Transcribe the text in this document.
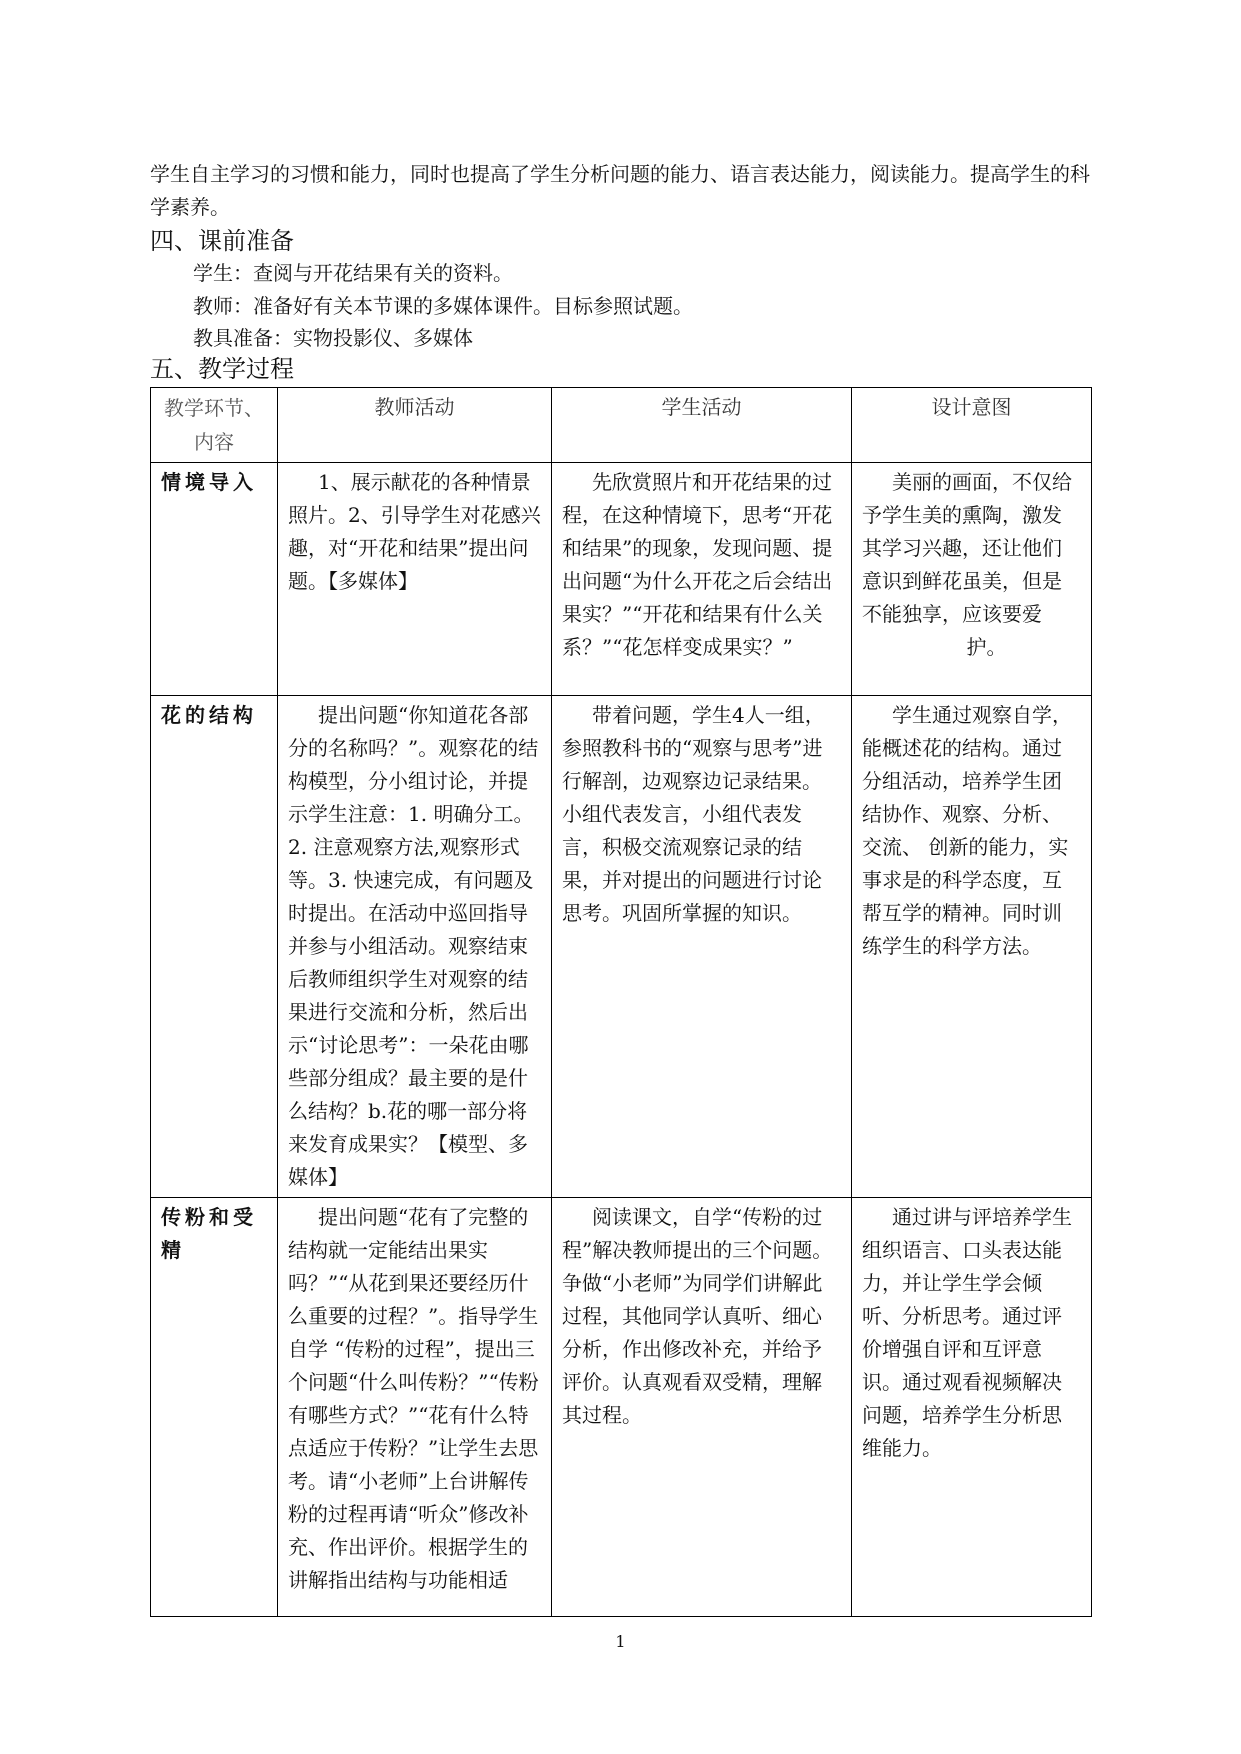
学生自主学习的习惯和能力，同时也提高了学生分析问题的能力、语言表达能力，阅读能力。提高学生的科学素养。
四、课前准备
学生：查阅与开花结果有关的资料。
教师：准备好有关本节课的多媒体课件。目标参照试题。
教具准备：实物投影仪、多媒体
五、教学过程
教学环节、内容	教师活动	学生活动	设计意图
情境导入	1、展示献花的各种情景照片。2、引导学生对花感兴趣，对“开花和结果”提出问题。【多媒体】	先欣赏照片和开花结果的过程，在这种情境下，思考“开花和结果”的现象，发现问题、提出问题“为什么开花之后会结出果实？”“开花和结果有什么关系？”“花怎样变成果实？”	美丽的画面，不仅给予学生美的熏陶，激发其学习兴趣，还让他们意识到鲜花虽美，但是不能独享，应该要爱
护。

花的结构	提出问题“你知道花各部分的名称吗？”。观察花的结构模型，分小组讨论，并提示学生注意：1. 明确分工。2. 注意观察方法,观察形式等。3. 快速完成，有问题及时提出。在活动中巡回指导并参与小组活动。观察结束后教师组织学生对观察的结果进行交流和分析，然后出示“讨论思考”：一朵花由哪些部分组成？最主要的是什么结构？b.花的哪一部分将来发育成果实？【模型、多媒体】	带着问题，学生4人一组，参照教科书的“观察与思考”进行解剖，边观察边记录结果。小组代表发言，小组代表发言，积极交流观察记录的结果，并对提出的问题进行讨论思考。巩固所掌握的知识。	学生通过观察自学，能概述花的结构。通过分组活动，培养学生团结协作、观察、分析、交流、 创新的能力，实事求是的科学态度，互帮互学的精神。同时训练学生的科学方法。
传粉和受精	提出问题“花有了完整的结构就一定能结出果实吗？”“从花到果还要经历什么重要的过程？”。指导学生自学 “传粉的过程”，提出三个问题“什么叫传粉？”“传粉有哪些方式？”“花有什么特点适应于传粉？”让学生去思考。请“小老师”上台讲解传粉的过程再请“听众”修改补充、作出评价。根据学生的讲解指出结构与功能相适	阅读课文，自学“传粉的过程”解决教师提出的三个问题。争做“小老师”为同学们讲解此过程，其他同学认真听、细心分析，作出修改补充，并给予评价。认真观看双受精，理解其过程。	通过讲与评培养学生组织语言、口头表达能力，并让学生学会倾听、分析思考。通过评价增强自评和互评意识。通过观看视频解决问题，培养学生分析思维能力。
1
